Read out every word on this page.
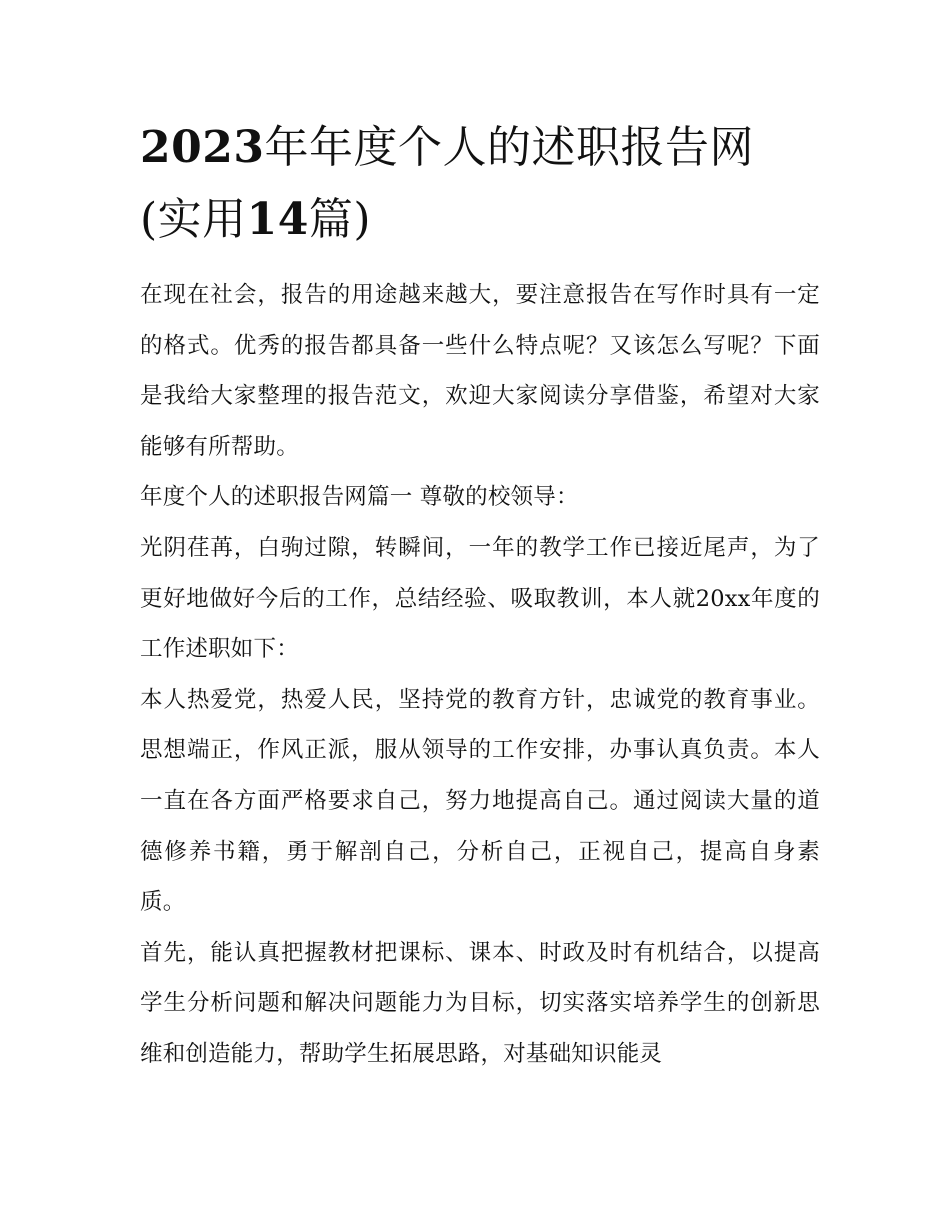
2023年年度个人的述职报告网
(实用14篇)

在现在社会，报告的用途越来越大，要注意报告在写作时具有一定的格式。优秀的报告都具备一些什么特点呢？又该怎么写呢？下面是我给大家整理的报告范文，欢迎大家阅读分享借鉴，希望对大家能够有所帮助。

年度个人的述职报告网篇一 尊敬的校领导：

光阴荏苒，白驹过隙，转瞬间，一年的教学工作已接近尾声，为了更好地做好今后的工作，总结经验、吸取教训，本人就20xx年度的工作述职如下：

本人热爱党，热爱人民，坚持党的教育方针，忠诚党的教育事业。思想端正，作风正派，服从领导的工作安排，办事认真负责。本人一直在各方面严格要求自己，努力地提高自己。通过阅读大量的道德修养书籍，勇于解剖自己，分析自己，正视自己，提高自身素质。

首先，能认真把握教材把课标、课本、时政及时有机结合，以提高学生分析问题和解决问题能力为目标，切实落实培养学生的创新思维和创造能力，帮助学生拓展思路，对基础知识能灵
